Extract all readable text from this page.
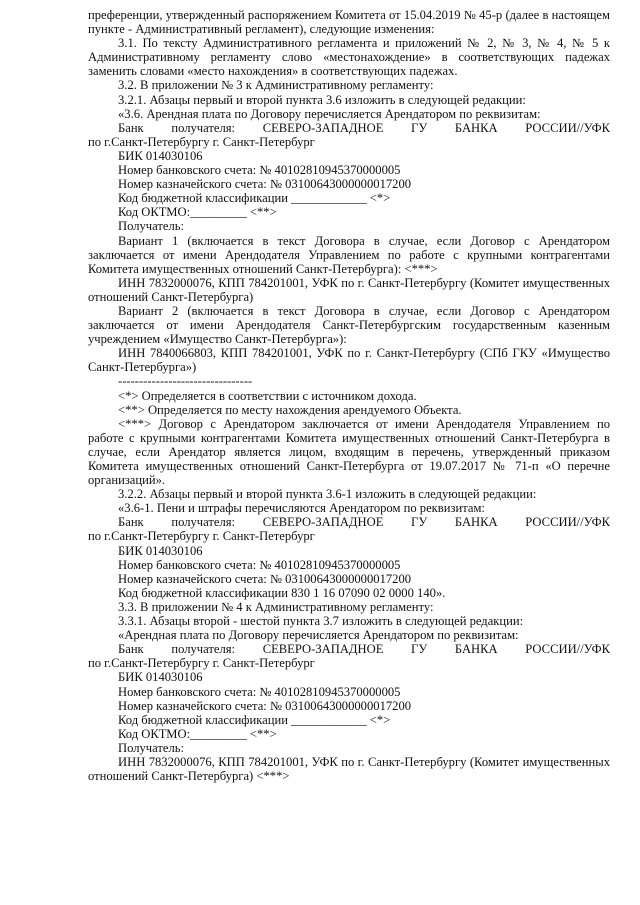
преференции, утвержденный распоряжением Комитета от 15.04.2019 № 45-р (далее в настоящем пункте - Административный регламент), следующие изменения:

3.1. По тексту Административного регламента и приложений № 2, № 3, № 4, № 5 к Административному регламенту слово «местонахождение» в соответствующих падежах заменить словами «место нахождения» в соответствующих падежах.

3.2. В приложении № 3 к Административному регламенту:

3.2.1. Абзацы первый и второй пункта 3.6 изложить в следующей редакции:

«3.6. Арендная плата по Договору перечисляется Арендатором по реквизитам:

Банк получателя: СЕВЕРО-ЗАПАДНОЕ ГУ БАНКА РОССИИ//УФК

по г.Санкт-Петербургу г. Санкт-Петербург

БИК 014030106

Номер банковского счета: № 40102810945370000005

Номер казначейского счета: № 03100643000000017200

Код бюджетной классификации ____________ <*>

Код ОКТМО:_________ <**>

Получатель:

Вариант 1 (включается в текст Договора в случае, если Договор с Арендатором заключается от имени Арендодателя Управлением по работе с крупными контрагентами Комитета имущественных отношений Санкт-Петербурга): <***>

ИНН 7832000076, КПП 784201001, УФК по г. Санкт-Петербургу (Комитет имущественных отношений Санкт-Петербурга)

Вариант 2 (включается в текст Договора в случае, если Договор с Арендатором заключается от имени Арендодателя Санкт-Петербургским государственным казенным учреждением «Имущество Санкт-Петербурга»):

ИНН 7840066803, КПП 784201001, УФК по г. Санкт-Петербургу (СПб ГКУ «Имущество Санкт-Петербурга»)

--------------------------------

<*> Определяется в соответствии с источником дохода.

<**> Определяется по месту нахождения арендуемого Объекта.

<***> Договор с Арендатором заключается от имени Арендодателя Управлением по работе с крупными контрагентами Комитета имущественных отношений Санкт-Петербурга в случае, если Арендатор является лицом, входящим в перечень, утвержденный приказом Комитета имущественных отношений Санкт-Петербурга от 19.07.2017 № 71-п «О перечне организаций».

3.2.2. Абзацы первый и второй пункта 3.6-1 изложить в следующей редакции:

«3.6-1. Пени и штрафы перечисляются Арендатором по реквизитам:

Банк получателя: СЕВЕРО-ЗАПАДНОЕ ГУ БАНКА РОССИИ//УФК

по г.Санкт-Петербургу г. Санкт-Петербург

БИК 014030106

Номер банковского счета: № 40102810945370000005

Номер казначейского счета: № 03100643000000017200

Код бюджетной классификации 830 1 16 07090 02 0000 140».

3.3. В приложении № 4 к Административному регламенту:

3.3.1. Абзацы второй - шестой пункта 3.7 изложить в следующей редакции:

«Арендная плата по Договору перечисляется Арендатором по реквизитам:

Банк получателя: СЕВЕРО-ЗАПАДНОЕ ГУ БАНКА РОССИИ//УФК

по г.Санкт-Петербургу г. Санкт-Петербург

БИК 014030106

Номер банковского счета: № 40102810945370000005

Номер казначейского счета: № 03100643000000017200

Код бюджетной классификации ____________ <*>

Код ОКТМО:_________ <**>

Получатель:

ИНН 7832000076, КПП 784201001, УФК по г. Санкт-Петербургу (Комитет имущественных отношений Санкт-Петербурга) <***>
